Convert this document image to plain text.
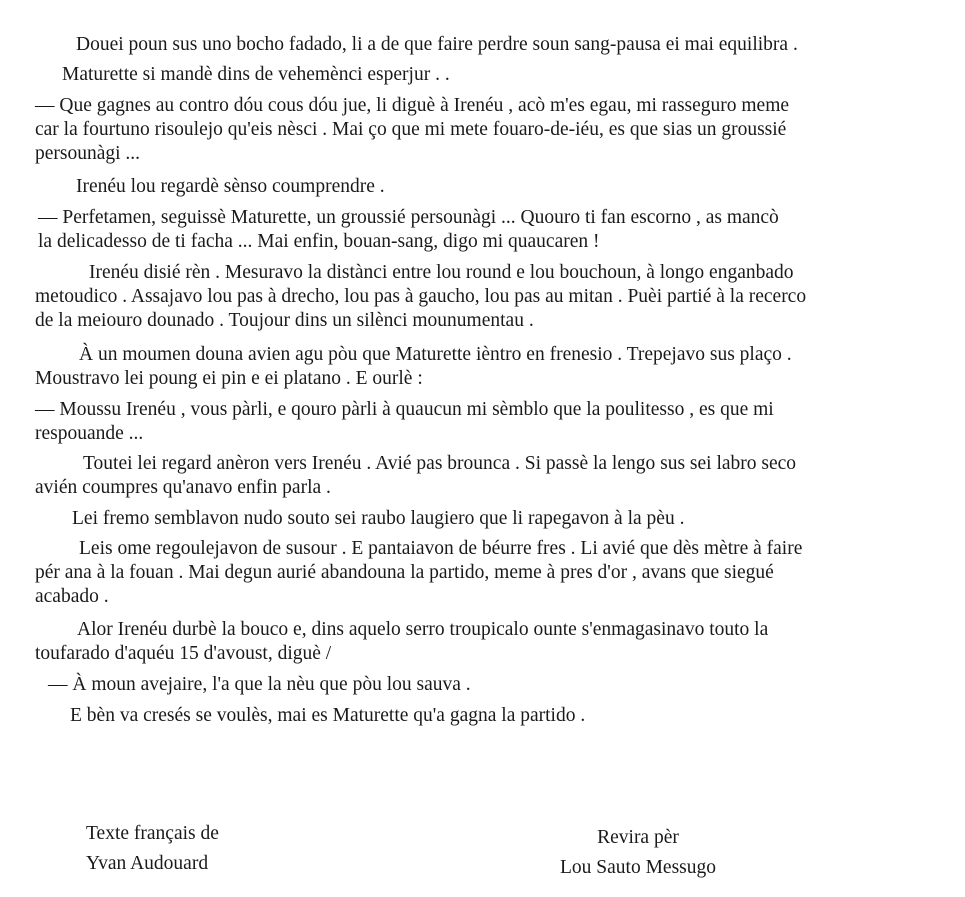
Douei poun sus uno bocho fadado, li a de que faire perdre soun sang-pausa ei mai equilibra .
Maturette si mandè dins de vehemènci esperjur . .
— Que gagnes au contro dóu cous dóu jue, li diguè à Irenéu , acò m'es egau, mi rasseguro meme
car la fourtuno risoulejo qu'eis nèsci . Mai ço que mi mete fouaro-de-iéu, es que sias un groussié
persounàgi ...
Irenéu lou regardè sènso coumprendre .
— Perfetamen, seguissè Maturette, un groussié persounàgi ... Quouro ti fan escorno , as mancò
la delicadesso de ti facha ... Mai enfin, bouan-sang, digo mi quaucaren !
Irenéu disié rèn . Mesuravo la distànci entre lou round e lou bouchoun, à longo enganbado
metoudico . Assajavo lou pas à drecho, lou pas à gaucho, lou pas au mitan . Puèi partié à la recerco
de la meiouro dounado . Toujour dins un silènci mounumentau .
À un moumen douna avien agu pòu que Maturette ièntro en frenesio . Trepejavo sus plaço .
Moustravo lei poung ei pin e ei platano . E ourlè :
— Moussu Irenéu , vous pàrli, e qouro pàrli à quaucun mi sèmblo que la poulitesso , es que mi
respouande ...
Toutei lei regard anèron vers Irenéu . Avié pas brounca . Si passè la lengo sus sei labro seco
avién coumpres qu'anavo enfin parla .
Lei fremo semblavon nudo souto sei raubo laugiero que li rapegavon à la pèu .
Leis ome regoulejavon de susour . E pantaiavon de béurre fres . Li avié que dès mètre à faire
pér ana à la fouan . Mai degun aurié abandouna la partido, meme à pres d'or , avans que siegué
acabado .
Alor Irenéu durbè la bouco e, dins aquelo serro troupicalo ounte s'enmagasinavo touto la
toufarado d'aquéu 15 d'avoust, diguè /
— À moun avejaire, l'a que la nèu que pòu lou sauva .
E bèn va cresés se voulès, mai es Maturette qu'a gagna la partido .
Texte français de
Yvan Audouard
Revira pèr
Lou Sauto Messugo
